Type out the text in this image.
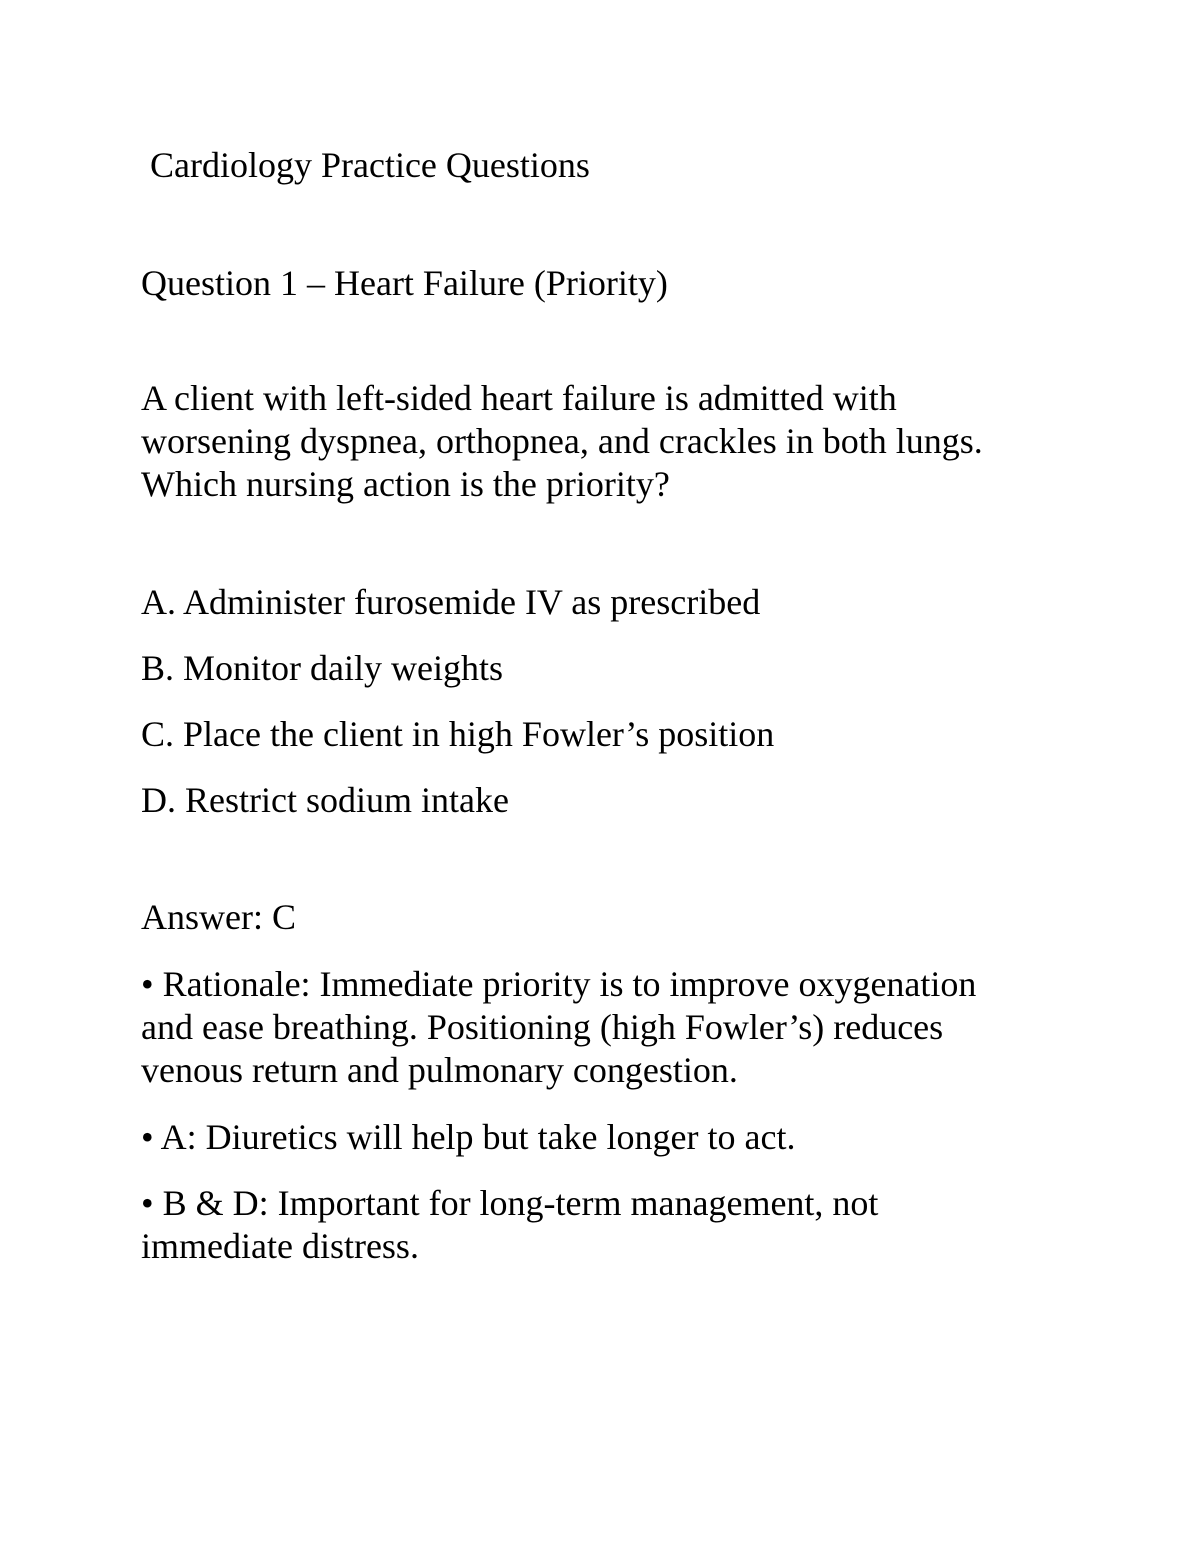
Cardiology Practice Questions
Question 1 – Heart Failure (Priority)
A client with left-sided heart failure is admitted with
worsening dyspnea, orthopnea, and crackles in both lungs.
Which nursing action is the priority?
A. Administer furosemide IV as prescribed
B. Monitor daily weights
C. Place the client in high Fowler’s position
D. Restrict sodium intake
Answer: C
• Rationale: Immediate priority is to improve oxygenation
and ease breathing. Positioning (high Fowler’s) reduces
venous return and pulmonary congestion.
• A: Diuretics will help but take longer to act.
• B & D: Important for long-term management, not
immediate distress.
